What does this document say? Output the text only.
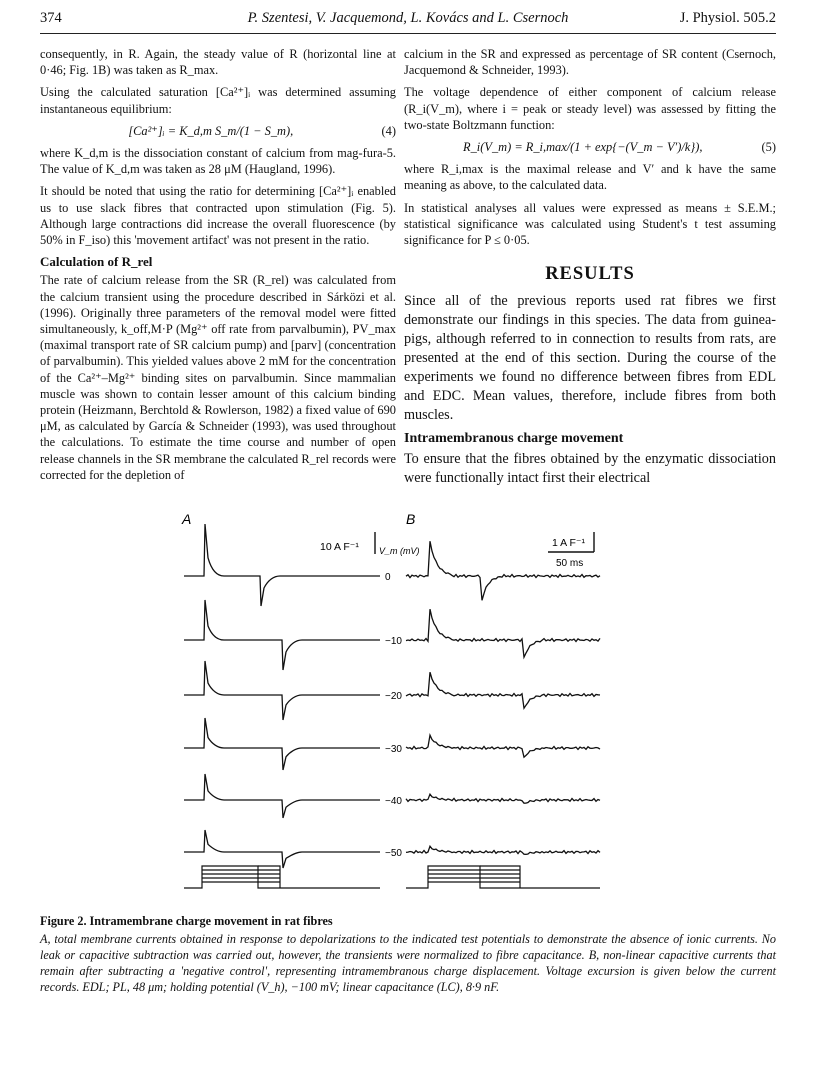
374	P. Szentesi, V. Jacquemond, L. Kovács and L. Csernoch	J. Physiol. 505.2

consequently, in R. Again, the steady value of R (horizontal line at 0·46; Fig. 1B) was taken as R_max.

Using the calculated saturation [Ca²⁺]ᵢ was determined assuming instantaneous equilibrium:

[Ca²⁺]ᵢ = K_d,m S_m/(1 − S_m),	(4)

where K_d,m is the dissociation constant of calcium from mag-fura-5. The value of K_d,m was taken as 28 μM (Haugland, 1996).

It should be noted that using the ratio for determining [Ca²⁺]ᵢ enabled us to use slack fibres that contracted upon stimulation (Fig. 5). Although large contractions did increase the overall fluorescence (by 50% in F_iso) this 'movement artifact' was not present in the ratio.

Calculation of R_rel

The rate of calcium release from the SR (R_rel) was calculated from the calcium transient using the procedure described in Sárközi et al. (1996). Originally three parameters of the removal model were fitted simultaneously, k_off,M·P (Mg²⁺ off rate from parvalbumin), PV_max (maximal transport rate of SR calcium pump) and [parv] (concentration of parvalbumin). This yielded values above 2 mM for the concentration of the Ca²⁺–Mg²⁺ binding sites on parvalbumin. Since mammalian muscle was shown to contain lesser amount of this calcium binding protein (Heizmann, Berchtold & Rowlerson, 1982) a fixed value of 690 μM, as calculated by García & Schneider (1993), was used throughout the calculations. To estimate the time course and number of open release channels in the SR membrane the calculated R_rel records were corrected for the depletion of

calcium in the SR and expressed as percentage of SR content (Csernoch, Jacquemond & Schneider, 1993).

The voltage dependence of either component of calcium release (R_i(V_m), where i = peak or steady level) was assessed by fitting the two-state Boltzmann function:

R_i(V_m) = R_i,max/(1 + exp{−(V_m − V′)/k}),	(5)

where R_i,max is the maximal release and V′ and k have the same meaning as above, to the calculated data.

In statistical analyses all values were expressed as means ± S.E.M.; statistical significance was calculated using Student's t test assuming significance for P ≤ 0·05.

RESULTS

Since all of the previous reports used rat fibres we first demonstrate our findings in this species. The data from guinea-pigs, although referred to in connection to results from rats, are presented at the end of this section. During the course of the experiments we found no difference between fibres from EDL and EDC. Mean values, therefore, include fibres from both muscles.

Intramembranous charge movement

To ensure that the fibres obtained by the enzymatic dissociation were functionally intact first their electrical

A	B
10 A F⁻¹ V_m (mV)
1 A F⁻¹
50 ms
0
−10
−20
−30
−40
−50
Figure 2. Intramembrane charge movement in rat fibres
A, total membrane currents obtained in response to depolarizations to the indicated test potentials to demonstrate the absence of ionic currents. No leak or capacitive subtraction was carried out, however, the transients were normalized to fibre capacitance. B, non-linear capacitive currents that remain after subtracting a 'negative control', representing intramembranous charge displacement. Voltage excursion is given below the current records. EDL; PL, 48 μm; holding potential (V_h), −100 mV; linear capacitance (LC), 8·9 nF.
